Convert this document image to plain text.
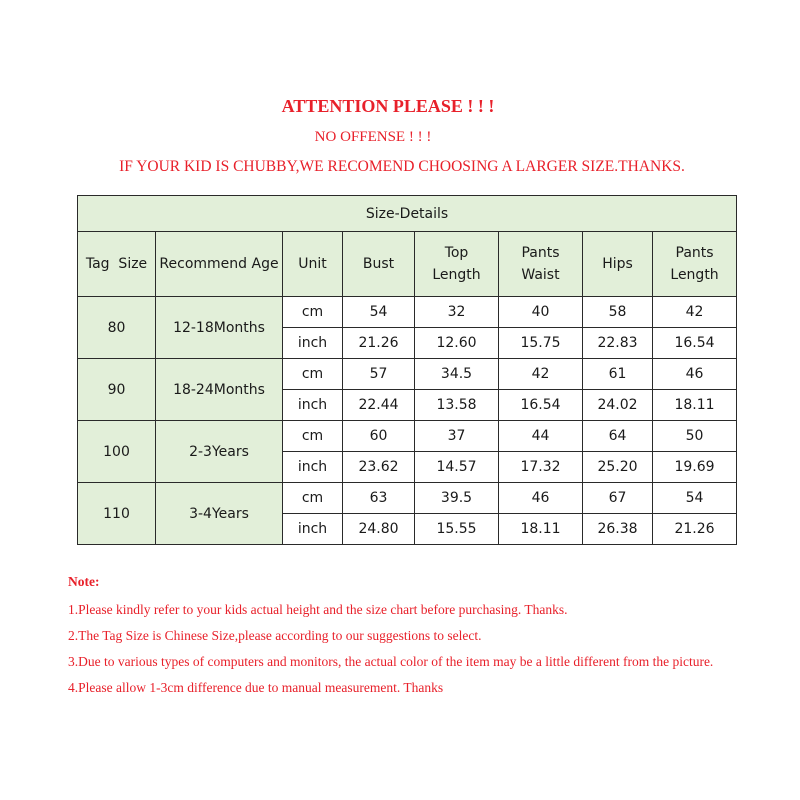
ATTENTION PLEASE ! ! !
NO OFFENSE ! ! !
IF YOUR KID IS CHUBBY,WE RECOMEND CHOOSING A LARGER SIZE.THANKS.
Size-Details							
Tag  Size	Recommend Age	Unit	Bust	Top Length	Pants Waist	Hips	Pants Length
80	12-18Months	cm	54	32	40	58	42
		inch	21.26	12.60	15.75	22.83	16.54
90	18-24Months	cm	57	34.5	42	61	46
		inch	22.44	13.58	16.54	24.02	18.11
100	2-3Years	cm	60	37	44	64	50
		inch	23.62	14.57	17.32	25.20	19.69
110	3-4Years	cm	63	39.5	46	67	54
		inch	24.80	15.55	18.11	26.38	21.26
Note:
1.Please kindly refer to your kids actual height and the size chart before purchasing. Thanks.
2.The Tag Size is Chinese Size,please according to our suggestions to select.
3.Due to various types of computers and monitors, the actual color of the item may be a little different from the picture.
4.Please allow 1-3cm difference due to manual measurement. Thanks
